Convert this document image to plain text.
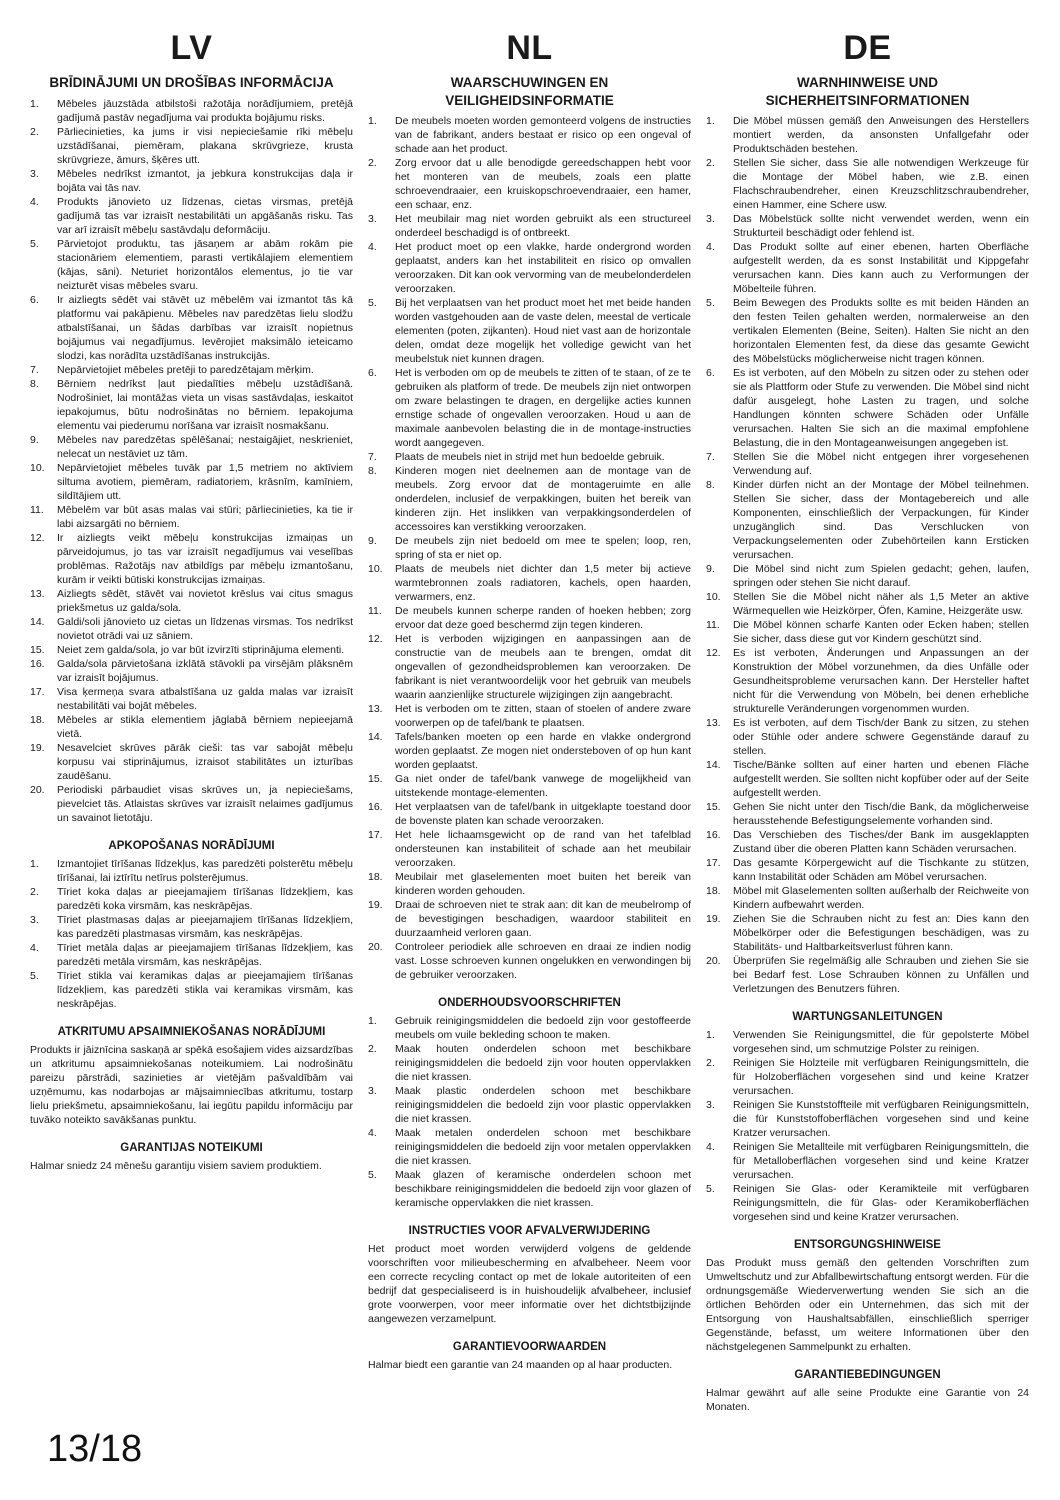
LV
BRĪDINĀJUMI UN DROŠĪBAS INFORMĀCIJA
1.	Mēbeles jāuzstāda atbilstoši ražotāja norādījumiem, pretējā gadījumā pastāv negadījuma vai produkta bojājumu risks.
2.	Pārliecinieties, ka jums ir visi nepieciešamie rīki mēbeļu uzstādīšanai, piemēram, plakana skrūvgrieze, krusta skrūvgrieze, āmurs, šķēres utt.
3.	Mēbeles nedrīkst izmantot, ja jebkura konstrukcijas daļa ir bojāta vai tās nav.
4.	Produkts jānovieto uz līdzenas, cietas virsmas, pretējā gadījumā tas var izraisīt nestabilitāti un apgāšanās risku. Tas var arī izraisīt mēbeļu sastāvdaļu deformāciju.
5.	Pārvietojot produktu, tas jāsaņem ar abām rokām pie stacionāriem elementiem, parasti vertikālajiem elementiem (kājas, sāni). Neturiet horizontālos elementus, jo tie var neizturēt visas mēbeles svaru.
6.	Ir aizliegts sēdēt vai stāvēt uz mēbelēm vai izmantot tās kā platformu vai pakāpienu. Mēbeles nav paredzētas lielu slodžu atbalstīšanai, un šādas darbības var izraisīt nopietnus bojājumus vai negadījumus. Ievērojiet maksimālo ieteicamo slodzi, kas norādīta uzstādīšanas instrukcijās.
7.	Nepārvietojiet mēbeles pretēji to paredzētajam mērķim.
8.	Bērniem nedrīkst ļaut piedalīties mēbeļu uzstādīšanā. Nodrošiniet, lai montāžas vieta un visas sastāvdaļas, ieskaitot iepakojumus, būtu nodrošinātas no bērniem. Iepakojuma elementu vai piederumu norīšana var izraisīt nosmakšanu.
9.	Mēbeles nav paredzētas spēlēšanai; nestaigājiet, neskrieniet, nelecat un nestāviet uz tām.
10.	Nepārvietojiet mēbeles tuvāk par 1,5 metriem no aktīviem siltuma avotiem, piemēram, radiatoriem, krāsnīm, kamīniem, sildītājiem utt.
11.	Mēbelēm var būt asas malas vai stūri; pārliecinieties, ka tie ir labi aizsargāti no bērniem.
12.	Ir aizliegts veikt mēbeļu konstrukcijas izmaiņas un pārveidojumus, jo tas var izraisīt negadījumus vai veselības problēmas. Ražotājs nav atbildīgs par mēbeļu izmantošanu, kurām ir veikti būtiski konstrukcijas izmaiņas.
13.	Aizliegts sēdēt, stāvēt vai novietot krēslus vai citus smagus priekšmetus uz galda/sola.
14.	Galdi/soli jānovieto uz cietas un līdzenas virsmas. Tos nedrīkst novietot otrādi vai uz sāniem.
15.	Neiet zem galda/sola, jo var būt izvirzīti stiprinājuma elementi.
16.	Galda/sola pārvietošana izklātā stāvokli pa virsējām plāksnēm var izraisīt bojājumus.
17.	Visa ķermeņa svara atbalstīšana uz galda malas var izraisīt nestabilitāti vai bojāt mēbeles.
18.	Mēbeles ar stikla elementiem jāglabā bērniem nepieejamā vietā.
19.	Nesavelciet skrūves pārāk cieši: tas var sabojāt mēbeļu korpusu vai stiprinājumus, izraisot stabilitātes un izturības zaudēšanu.
20.	Periodiski pārbaudiet visas skrūves un, ja nepieciešams, pievelciet tās. Atlaistas skrūves var izraisīt nelaimes gadījumus un savainot lietotāju.
APKOPOŠANAS NORĀDĪJUMI
1.	Izmantojiet tīrīšanas līdzekļus, kas paredzēti polsterētu mēbeļu tīrīšanai, lai iztīrītu netīrus polsterējumus.
2.	Tīriet koka daļas ar pieejamajiem tīrīšanas līdzekļiem, kas paredzēti koka virsmām, kas neskrāpējas.
3.	Tīriet plastmasas daļas ar pieejamajiem tīrīšanas līdzekļiem, kas paredzēti plastmasas virsmām, kas neskrāpējas.
4.	Tīriet metāla daļas ar pieejamajiem tīrīšanas līdzekļiem, kas paredzēti metāla virsmām, kas neskrāpējas.
5.	Tīriet stikla vai keramikas daļas ar pieejamajiem tīrīšanas līdzekļiem, kas paredzēti stikla vai keramikas virsmām, kas neskrāpējas.
ATKRITUMU APSAIMNIEKOŠANAS NORĀDĪJUMI

Produkts ir jāiznīcina saskaņā ar spēkā esošajiem vides aizsardzības un atkritumu apsaimniekošanas noteikumiem. Lai nodrošinātu pareizu pārstrādi, sazinieties ar vietējām pašvaldībām vai uzņēmumu, kas nodarbojas ar mājsaimniecības atkritumu, tostarp lielu priekšmetu, apsaimniekošanu, lai iegūtu papildu informāciju par tuvāko noteikto savākšanas punktu.

GARANTIJAS NOTEIKUMI

Halmar sniedz 24 mēnešu garantiju visiem saviem produktiem.

NL
WAARSCHUWINGEN EN VEILIGHEIDSINFORMATIE
1.	De meubels moeten worden gemonteerd volgens de instructies van de fabrikant, anders bestaat er risico op een ongeval of schade aan het product.
2.	Zorg ervoor dat u alle benodigde gereedschappen hebt voor het monteren van de meubels, zoals een platte schroevendraaier, een kruiskopschroevendraaier, een hamer, een schaar, enz.
3.	Het meubilair mag niet worden gebruikt als een structureel onderdeel beschadigd is of ontbreekt.
4.	Het product moet op een vlakke, harde ondergrond worden geplaatst, anders kan het instabiliteit en risico op omvallen veroorzaken. Dit kan ook vervorming van de meubelonderdelen veroorzaken.
5.	Bij het verplaatsen van het product moet het met beide handen worden vastgehouden aan de vaste delen, meestal de verticale elementen (poten, zijkanten). Houd niet vast aan de horizontale delen, omdat deze mogelijk het volledige gewicht van het meubelstuk niet kunnen dragen.
6.	Het is verboden om op de meubels te zitten of te staan, of ze te gebruiken als platform of trede. De meubels zijn niet ontworpen om zware belastingen te dragen, en dergelijke acties kunnen ernstige schade of ongevallen veroorzaken. Houd u aan de maximale aanbevolen belasting die in de montage-instructies wordt aangegeven.
7.	Plaats de meubels niet in strijd met hun bedoelde gebruik.
8.	Kinderen mogen niet deelnemen aan de montage van de meubels. Zorg ervoor dat de montageruimte en alle onderdelen, inclusief de verpakkingen, buiten het bereik van kinderen zijn. Het inslikken van verpakkingsonderdelen of accessoires kan verstikking veroorzaken.
9.	De meubels zijn niet bedoeld om mee te spelen; loop, ren, spring of sta er niet op.
10.	Plaats de meubels niet dichter dan 1,5 meter bij actieve warmtebronnen zoals radiatoren, kachels, open haarden, verwarmers, enz.
11.	De meubels kunnen scherpe randen of hoeken hebben; zorg ervoor dat deze goed beschermd zijn tegen kinderen.
12.	Het is verboden wijzigingen en aanpassingen aan de constructie van de meubels aan te brengen, omdat dit ongevallen of gezondheidsproblemen kan veroorzaken. De fabrikant is niet verantwoordelijk voor het gebruik van meubels waarin aanzienlijke structurele wijzigingen zijn aangebracht.
13.	Het is verboden om te zitten, staan of stoelen of andere zware voorwerpen op de tafel/bank te plaatsen.
14.	Tafels/banken moeten op een harde en vlakke ondergrond worden geplaatst. Ze mogen niet ondersteboven of op hun kant worden geplaatst.
15.	Ga niet onder de tafel/bank vanwege de mogelijkheid van uitstekende montage-elementen.
16.	Het verplaatsen van de tafel/bank in uitgeklapte toestand door de bovenste platen kan schade veroorzaken.
17.	Het hele lichaamsgewicht op de rand van het tafelblad ondersteunen kan instabiliteit of schade aan het meubilair veroorzaken.
18.	Meubilair met glaselementen moet buiten het bereik van kinderen worden gehouden.
19.	Draai de schroeven niet te strak aan: dit kan de meubelromp of de bevestigingen beschadigen, waardoor stabiliteit en duurzaamheid verloren gaan.
20.	Controleer periodiek alle schroeven en draai ze indien nodig vast. Losse schroeven kunnen ongelukken en verwondingen bij de gebruiker veroorzaken.
ONDERHOUDSVOORSCHRIFTEN
1.	Gebruik reinigingsmiddelen die bedoeld zijn voor gestoffeerde meubels om vuile bekleding schoon te maken.
2.	Maak houten onderdelen schoon met beschikbare reinigingsmiddelen die bedoeld zijn voor houten oppervlakken die niet krassen.
3.	Maak plastic onderdelen schoon met beschikbare reinigingsmiddelen die bedoeld zijn voor plastic oppervlakken die niet krassen.
4.	Maak metalen onderdelen schoon met beschikbare reinigingsmiddelen die bedoeld zijn voor metalen oppervlakken die niet krassen.
5.	Maak glazen of keramische onderdelen schoon met beschikbare reinigingsmiddelen die bedoeld zijn voor glazen of keramische oppervlakken die niet krassen.
INSTRUCTIES VOOR AFVALVERWIJDERING

Het product moet worden verwijderd volgens de geldende voorschriften voor milieubescherming en afvalbeheer. Neem voor een correcte recycling contact op met de lokale autoriteiten of een bedrijf dat gespecialiseerd is in huishoudelijk afvalbeheer, inclusief grote voorwerpen, voor meer informatie over het dichtstbijzijnde aangewezen verzamelpunt.

GARANTIEVOORWAARDEN

Halmar biedt een garantie van 24 maanden op al haar producten.

DE
WARNHINWEISE UND SICHERHEITSINFORMATIONEN
1.	Die Möbel müssen gemäß den Anweisungen des Herstellers montiert werden, da ansonsten Unfallgefahr oder Produktschäden bestehen.
2.	Stellen Sie sicher, dass Sie alle notwendigen Werkzeuge für die Montage der Möbel haben, wie z.B. einen Flachschraubendreher, einen Kreuzschlitzschraubendreher, einen Hammer, eine Schere usw.
3.	Das Möbelstück sollte nicht verwendet werden, wenn ein Strukturteil beschädigt oder fehlend ist.
4.	Das Produkt sollte auf einer ebenen, harten Oberfläche aufgestellt werden, da es sonst Instabilität und Kippgefahr verursachen kann. Dies kann auch zu Verformungen der Möbelteile führen.
5.	Beim Bewegen des Produkts sollte es mit beiden Händen an den festen Teilen gehalten werden, normalerweise an den vertikalen Elementen (Beine, Seiten). Halten Sie nicht an den horizontalen Elementen fest, da diese das gesamte Gewicht des Möbelstücks möglicherweise nicht tragen können.
6.	Es ist verboten, auf den Möbeln zu sitzen oder zu stehen oder sie als Plattform oder Stufe zu verwenden. Die Möbel sind nicht dafür ausgelegt, hohe Lasten zu tragen, und solche Handlungen könnten schwere Schäden oder Unfälle verursachen. Halten Sie sich an die maximal empfohlene Belastung, die in den Montageanweisungen angegeben ist.
7.	Stellen Sie die Möbel nicht entgegen ihrer vorgesehenen Verwendung auf.
8.	Kinder dürfen nicht an der Montage der Möbel teilnehmen. Stellen Sie sicher, dass der Montagebereich und alle Komponenten, einschließlich der Verpackungen, für Kinder unzugänglich sind. Das Verschlucken von Verpackungselementen oder Zubehörteilen kann Ersticken verursachen.
9.	Die Möbel sind nicht zum Spielen gedacht; gehen, laufen, springen oder stehen Sie nicht darauf.
10.	Stellen Sie die Möbel nicht näher als 1,5 Meter an aktive Wärmequellen wie Heizkörper, Öfen, Kamine, Heizgeräte usw.
11.	Die Möbel können scharfe Kanten oder Ecken haben; stellen Sie sicher, dass diese gut vor Kindern geschützt sind.
12.	Es ist verboten, Änderungen und Anpassungen an der Konstruktion der Möbel vorzunehmen, da dies Unfälle oder Gesundheitsprobleme verursachen kann. Der Hersteller haftet nicht für die Verwendung von Möbeln, bei denen erhebliche strukturelle Veränderungen vorgenommen wurden.
13.	Es ist verboten, auf dem Tisch/der Bank zu sitzen, zu stehen oder Stühle oder andere schwere Gegenstände darauf zu stellen.
14.	Tische/Bänke sollten auf einer harten und ebenen Fläche aufgestellt werden. Sie sollten nicht kopfüber oder auf der Seite aufgestellt werden.
15.	Gehen Sie nicht unter den Tisch/die Bank, da möglicherweise herausstehende Befestigungselemente vorhanden sind.
16.	Das Verschieben des Tisches/der Bank im ausgeklappten Zustand über die oberen Platten kann Schäden verursachen.
17.	Das gesamte Körpergewicht auf die Tischkante zu stützen, kann Instabilität oder Schäden am Möbel verursachen.
18.	Möbel mit Glaselementen sollten außerhalb der Reichweite von Kindern aufbewahrt werden.
19.	Ziehen Sie die Schrauben nicht zu fest an: Dies kann den Möbelkörper oder die Befestigungen beschädigen, was zu Stabilitäts- und Haltbarkeitsverlust führen kann.
20.	Überprüfen Sie regelmäßig alle Schrauben und ziehen Sie sie bei Bedarf fest. Lose Schrauben können zu Unfällen und Verletzungen des Benutzers führen.
WARTUNGSANLEITUNGEN
1.	Verwenden Sie Reinigungsmittel, die für gepolsterte Möbel vorgesehen sind, um schmutzige Polster zu reinigen.
2.	Reinigen Sie Holzteile mit verfügbaren Reinigungsmitteln, die für Holzoberflächen vorgesehen sind und keine Kratzer verursachen.
3.	Reinigen Sie Kunststoffteile mit verfügbaren Reinigungsmitteln, die für Kunststoffoberflächen vorgesehen sind und keine Kratzer verursachen.
4.	Reinigen Sie Metallteile mit verfügbaren Reinigungsmitteln, die für Metalloberflächen vorgesehen sind und keine Kratzer verursachen.
5.	Reinigen Sie Glas- oder Keramikteile mit verfügbaren Reinigungsmitteln, die für Glas- oder Keramikoberflächen vorgesehen sind und keine Kratzer verursachen.
ENTSORGUNGSHINWEISE

Das Produkt muss gemäß den geltenden Vorschriften zum Umweltschutz und zur Abfallbewirtschaftung entsorgt werden. Für die ordnungsgemäße Wiederverwertung wenden Sie sich an die örtlichen Behörden oder ein Unternehmen, das sich mit der Entsorgung von Haushaltsabfällen, einschließlich sperriger Gegenstände, befasst, um weitere Informationen über den nächstgelegenen Sammelpunkt zu erhalten.

GARANTIEBEDINGUNGEN

Halmar gewährt auf alle seine Produkte eine Garantie von 24 Monaten.

13/18
